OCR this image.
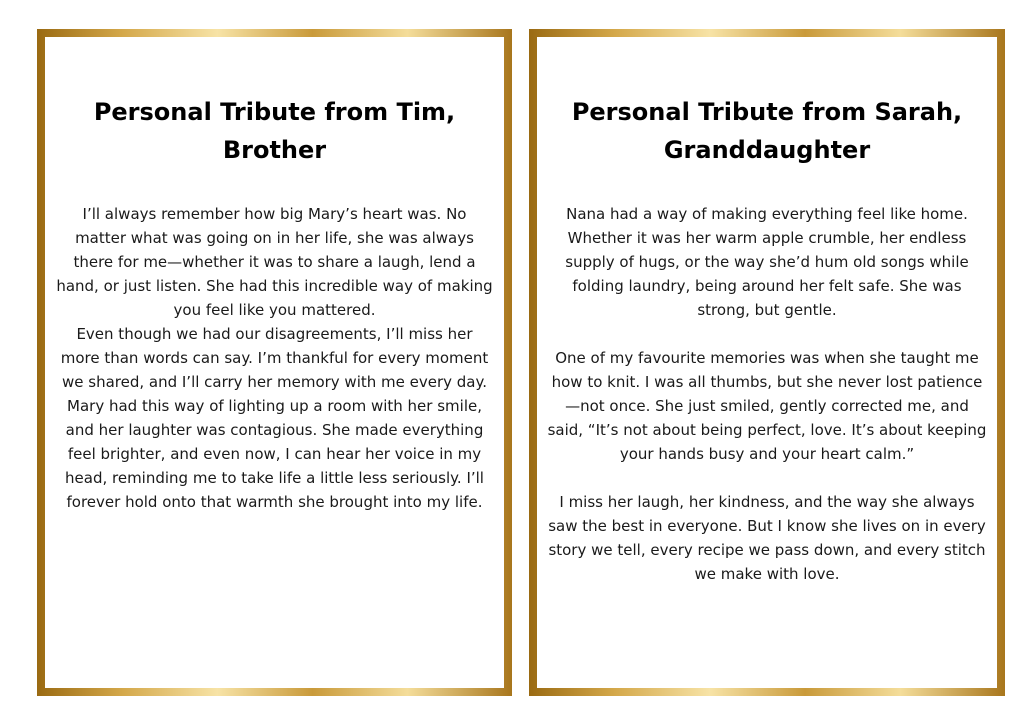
Personal Tribute from Tim, Brother

I’ll always remember how big Mary’s heart was. No matter what was going on in her life, she was always there for me—whether it was to share a laugh, lend a hand, or just listen. She had this incredible way of making you feel like you mattered.

Even though we had our disagreements, I’ll miss her more than words can say. I’m thankful for every moment we shared, and I’ll carry her memory with me every day.

Mary had this way of lighting up a room with her smile, and her laughter was contagious. She made everything feel brighter, and even now, I can hear her voice in my head, reminding me to take life a little less seriously. I’ll forever hold onto that warmth she brought into my life.

Personal Tribute from Sarah, Granddaughter

Nana had a way of making everything feel like home. Whether it was her warm apple crumble, her endless supply of hugs, or the way she’d hum old songs while folding laundry, being around her felt safe. She was strong, but gentle.

One of my favourite memories was when she taught me how to knit. I was all thumbs, but she never lost patience—not once. She just smiled, gently corrected me, and said, “It’s not about being perfect, love. It’s about keeping your hands busy and your heart calm.”

I miss her laugh, her kindness, and the way she always saw the best in everyone. But I know she lives on in every story we tell, every recipe we pass down, and every stitch we make with love.
